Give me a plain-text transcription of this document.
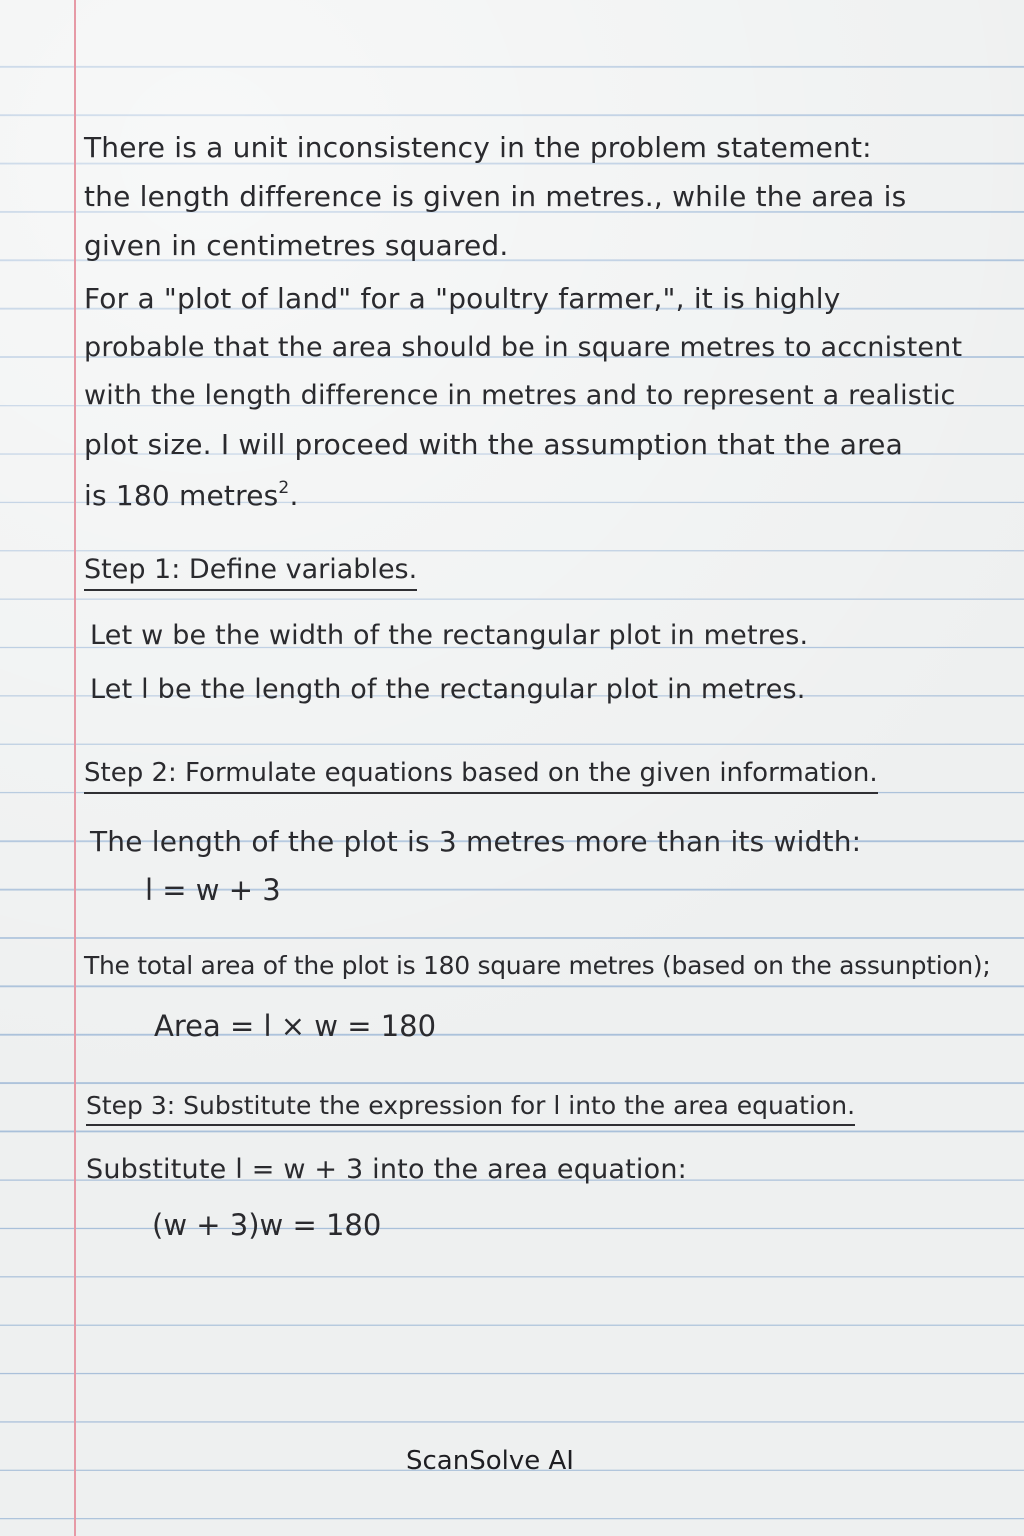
There is a unit inconsistency in the problem statement:
the length difference is given in metres., while the area is
given in centimetres squared.
For a "plot of land" for a "poultry farmer,", it is highly
probable that the area should be in square metres to accnistent
with the length difference in metres and to represent a realistic
plot size. I will proceed with the assumption that the area
is 180 metres$^2$.
Step 1: Define variables.
Let w be the width of the rectangular plot in metres.
Let l be the length of the rectangular plot in metres.
Step 2: Formulate equations based on the given information.
The length of the plot is 3 metres more than its width:
l = w + 3
The total area of the plot is 180 square metres (based on the assunption);
Area = l × w = 180
Step 3: Substitute the expression for l into the area equation.
Substitute l = w + 3 into the area equation:
(w + 3)w = 180
ScanSolve AI
